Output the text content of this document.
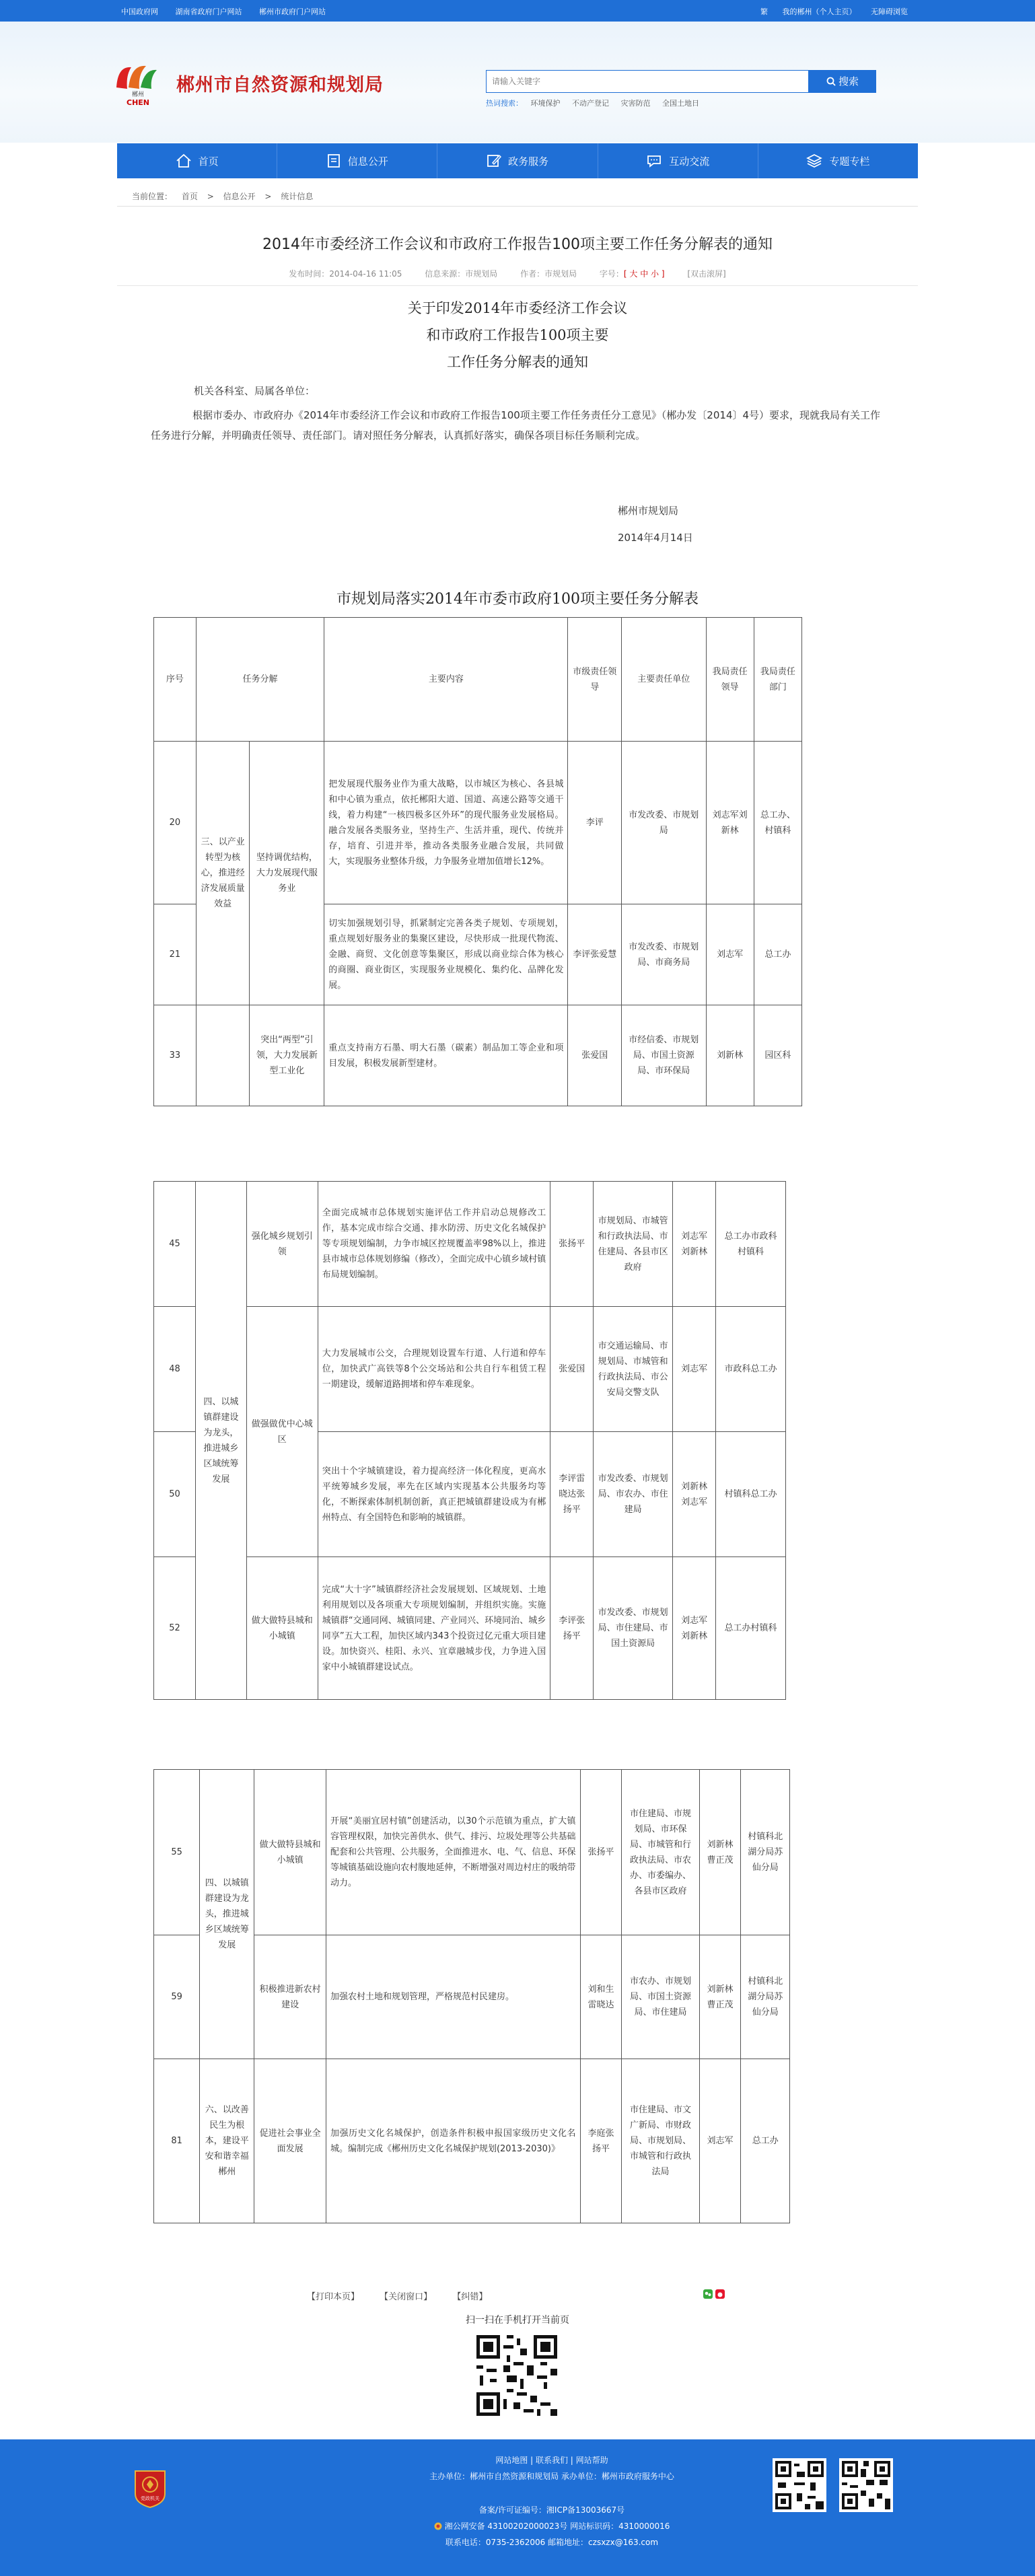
中国政府网 湖南省政府门户网站 郴州市政府门户网站	繁 我的郴州（个人主页） 无障碍浏览
郴州
CHEN
郴州市自然资源和规划局
请输入关键字	搜索
热词搜索： 环境保护 不动产登记 灾害防范 全国土地日
首页	信息公开	政务服务	互动交流	专题专栏
当前位置： 首页 > 信息公开 > 统计信息
2014年市委经济工作会议和市政府工作报告100项主要工作任务分解表的通知
发布时间：2014-04-16 11:05	信息来源：市规划局	作者：市规划局	字号：[ 大 中 小 ]	[双击滚屏]
关于印发2014年市委经济工作会议
和市政府工作报告100项主要
工作任务分解表的通知
机关各科室、局属各单位：
根据市委办、市政府办《2014年市委经济工作会议和市政府工作报告100项主要工作任务责任分工意见》（郴办发〔2014〕4号）要求，现就我局有关工作任务进行分解，并明确责任领导、责任部门。请对照任务分解表，认真抓好落实，确保各项目标任务顺利完成。
郴州市规划局
2014年4月14日
市规划局落实2014年市委市政府100项主要任务分解表
序号	任务分解		主要内容	市级责任领导	主要责任单位	我局责任领导	我局责任部门
20	三、以产业转型为核心，推进经济发展质量效益	坚持调优结构，大力发展现代服务业	把发展现代服务业作为重大战略，以市城区为核心、各县城和中心镇为重点，依托郴阳大道、国道、高速公路等交通干线，着力构建“一核四极多区外环”的现代服务业发展格局。融合发展各类服务业，坚持生产、生活并重，现代、传统并存，培育、引进并举，推动各类服务业融合发展，共同做大，实现服务业整体升级，力争服务业增加值增长12%。	李评	市发改委、市规划局	刘志军刘新林	总工办、村镇科
21			切实加强规划引导，抓紧制定完善各类子规划、专项规划，重点规划好服务业的集聚区建设，尽快形成一批现代物流、金融、商贸、文化创意等集聚区，形成以商业综合体为核心的商圈、商业街区，实现服务业规模化、集约化、品牌化发展。	李评张爱慧	市发改委、市规划局、市商务局	刘志军	总工办
33		突出“两型”引领，大力发展新型工业化	重点支持南方石墨、明大石墨（碳素）制品加工等企业和项目发展，积极发展新型建材。	张爱国	市经信委、市规划局、市国土资源局、市环保局	刘新林	园区科
45	四、以城镇群建设为龙头，推进城乡区域统筹发展	强化城乡规划引领	全面完成城市总体规划实施评估工作并启动总规修改工作，基本完成市综合交通、排水防涝、历史文化名城保护等专项规划编制，力争市城区控规覆盖率98%以上，推进县市城市总体规划修编（修改），全面完成中心镇乡域村镇布局规划编制。	张扬平	市规划局、市城管和行政执法局、市住建局、各县市区政府	刘志军刘新林	总工办市政科村镇科
48		做强做优中心城区	大力发展城市公交，合理规划设置车行道、人行道和停车位，加快武广高铁等8个公交场站和公共自行车租赁工程一期建设，缓解道路拥堵和停车难现象。	张爱国	市交通运输局、市规划局、市城管和行政执法局、市公安局交警支队	刘志军	市政科总工办
50			突出十个字城镇建设，着力提高经济一体化程度，更高水平统筹城乡发展，率先在区域内实现基本公共服务均等化，不断探索体制机制创新，真正把城镇群建设成为有郴州特点、有全国特色和影响的城镇群。	李评雷晓达张扬平	市发改委、市规划局、市农办、市住建局	刘新林刘志军	村镇科总工办
52		做大做特县城和小城镇	完成“大十字”城镇群经济社会发展规划、区域规划、土地利用规划以及各项重大专项规划编制，并组织实施。实施城镇群“交通同网、城镇同建、产业同兴、环境同治、城乡同享”五大工程，加快区域内343个投资过亿元重大项目建设。加快资兴、桂阳、永兴、宜章融城步伐，力争进入国家中小城镇群建设试点。	李评张扬平	市发改委、市规划局、市住建局、市国土资源局	刘志军刘新林	总工办村镇科
55	四、以城镇群建设为龙头，推进城乡区域统筹发展	做大做特县城和小城镇	开展“美丽宜居村镇”创建活动，以30个示范镇为重点，扩大镇容管理权限，加快完善供水、供气、排污、垃圾处理等公共基础配套和公共管理、公共服务，全面推进水、电、气、信息、环保等城镇基础设施向农村腹地延伸，不断增强对周边村庄的吸纳带动力。	张扬平	市住建局、市规划局、市环保局、市城管和行政执法局、市农办、市委编办、各县市区政府	刘新林曹正茂	村镇科北湖分局苏仙分局
59		积极推进新农村建设	加强农村土地和规划管理，严格规范村民建房。	刘和生雷晓达	市农办、市规划局、市国土资源局、市住建局	刘新林曹正茂	村镇科北湖分局苏仙分局
81	六、以改善民生为根本，建设平安和谐幸福郴州	促进社会事业全面发展	加强历史文化名城保护，创造条件积极申报国家级历史文化名城。编制完成《郴州历史文化名城保护规划(2013-2030)》	李庭张扬平	市住建局、市文广新局、市财政局、市规划局、市城管和行政执法局	刘志军	总工办
【打印本页】 【关闭窗口】 【纠错】
扫一扫在手机打开当前页
网站地图 | 联系我们 | 网站帮助
主办单位：郴州市自然资源和规划局 承办单位：郴州市政府服务中心
备案/许可证编号：湘ICP备13003667号
湘公网安备 43100202000023号 网站标识码：4310000016
联系电话：0735-2362006 邮箱地址：czsxzx@163.com
党政机关
